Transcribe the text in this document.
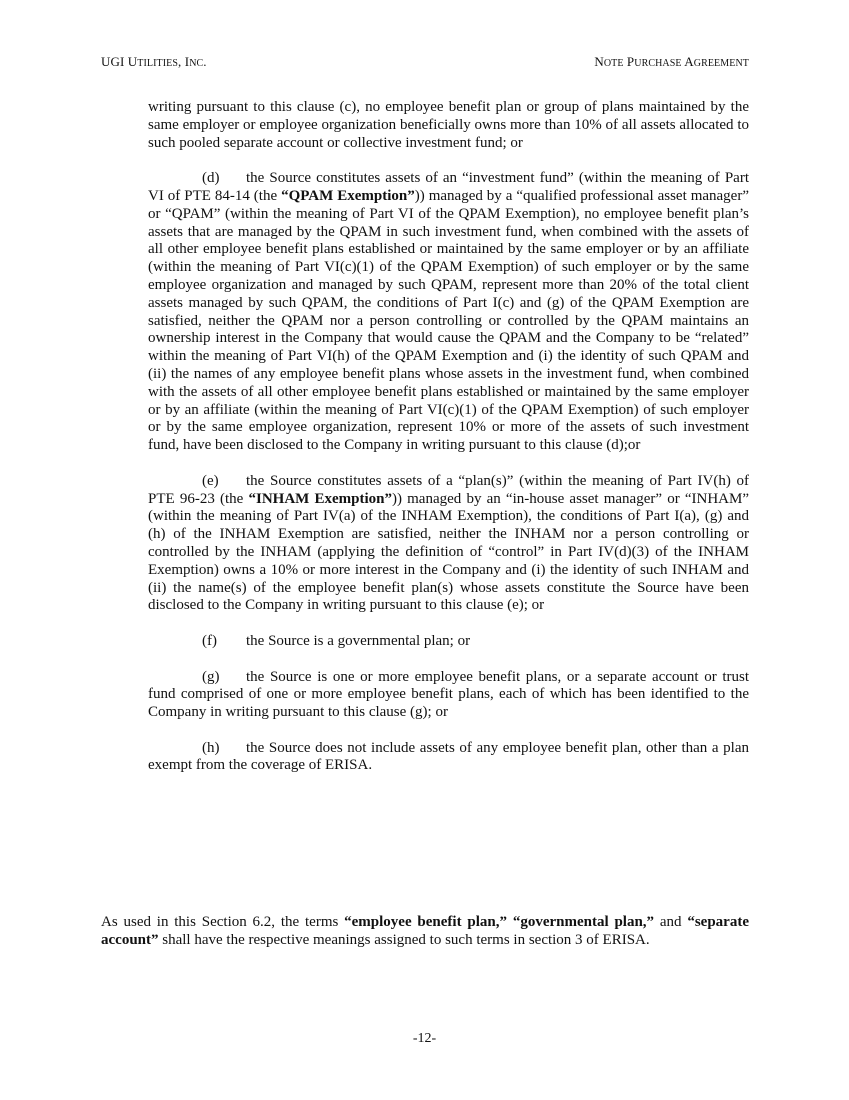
UGI UTILITIES, INC.	NOTE PURCHASE AGREEMENT

writing pursuant to this clause (c), no employee benefit plan or group of plans maintained by the same employer or employee organization beneficially owns more than 10% of all assets allocated to such pooled separate account or collective investment fund; or

(d) the Source constitutes assets of an “investment fund” (within the meaning of Part VI of PTE 84-14 (the “QPAM Exemption”)) managed by a “qualified professional asset manager” or “QPAM” (within the meaning of Part VI of the QPAM Exemption), no employee benefit plan’s assets that are managed by the QPAM in such investment fund, when combined with the assets of all other employee benefit plans established or maintained by the same employer or by an affiliate (within the meaning of Part VI(c)(1) of the QPAM Exemption) of such employer or by the same employee organization and managed by such QPAM, represent more than 20% of the total client assets managed by such QPAM, the conditions of Part I(c) and (g) of the QPAM Exemption are satisfied, neither the QPAM nor a person controlling or controlled by the QPAM maintains an ownership interest in the Company that would cause the QPAM and the Company to be “related” within the meaning of Part VI(h) of the QPAM Exemption and (i) the identity of such QPAM and (ii) the names of any employee benefit plans whose assets in the investment fund, when combined with the assets of all other employee benefit plans established or maintained by the same employer or by an affiliate (within the meaning of Part VI(c)(1) of the QPAM Exemption) of such employer or by the same employee organization, represent 10% or more of the assets of such investment fund, have been disclosed to the Company in writing pursuant to this clause (d);or

(e) the Source constitutes assets of a “plan(s)” (within the meaning of Part IV(h) of PTE 96-23 (the “INHAM Exemption”)) managed by an “in-house asset manager” or “INHAM” (within the meaning of Part IV(a) of the INHAM Exemption), the conditions of Part I(a), (g) and (h) of the INHAM Exemption are satisfied, neither the INHAM nor a person controlling or controlled by the INHAM (applying the definition of “control” in Part IV(d)(3) of the INHAM Exemption) owns a 10% or more interest in the Company and (i) the identity of such INHAM and (ii) the name(s) of the employee benefit plan(s) whose assets constitute the Source have been disclosed to the Company in writing pursuant to this clause (e); or

(f) the Source is a governmental plan; or

(g) the Source is one or more employee benefit plans, or a separate account or trust fund comprised of one or more employee benefit plans, each of which has been identified to the Company in writing pursuant to this clause (g); or

(h) the Source does not include assets of any employee benefit plan, other than a plan exempt from the coverage of ERISA.

As used in this Section 6.2, the terms “employee benefit plan,” “governmental plan,” and “separate account” shall have the respective meanings assigned to such terms in section 3 of ERISA.

-12-
